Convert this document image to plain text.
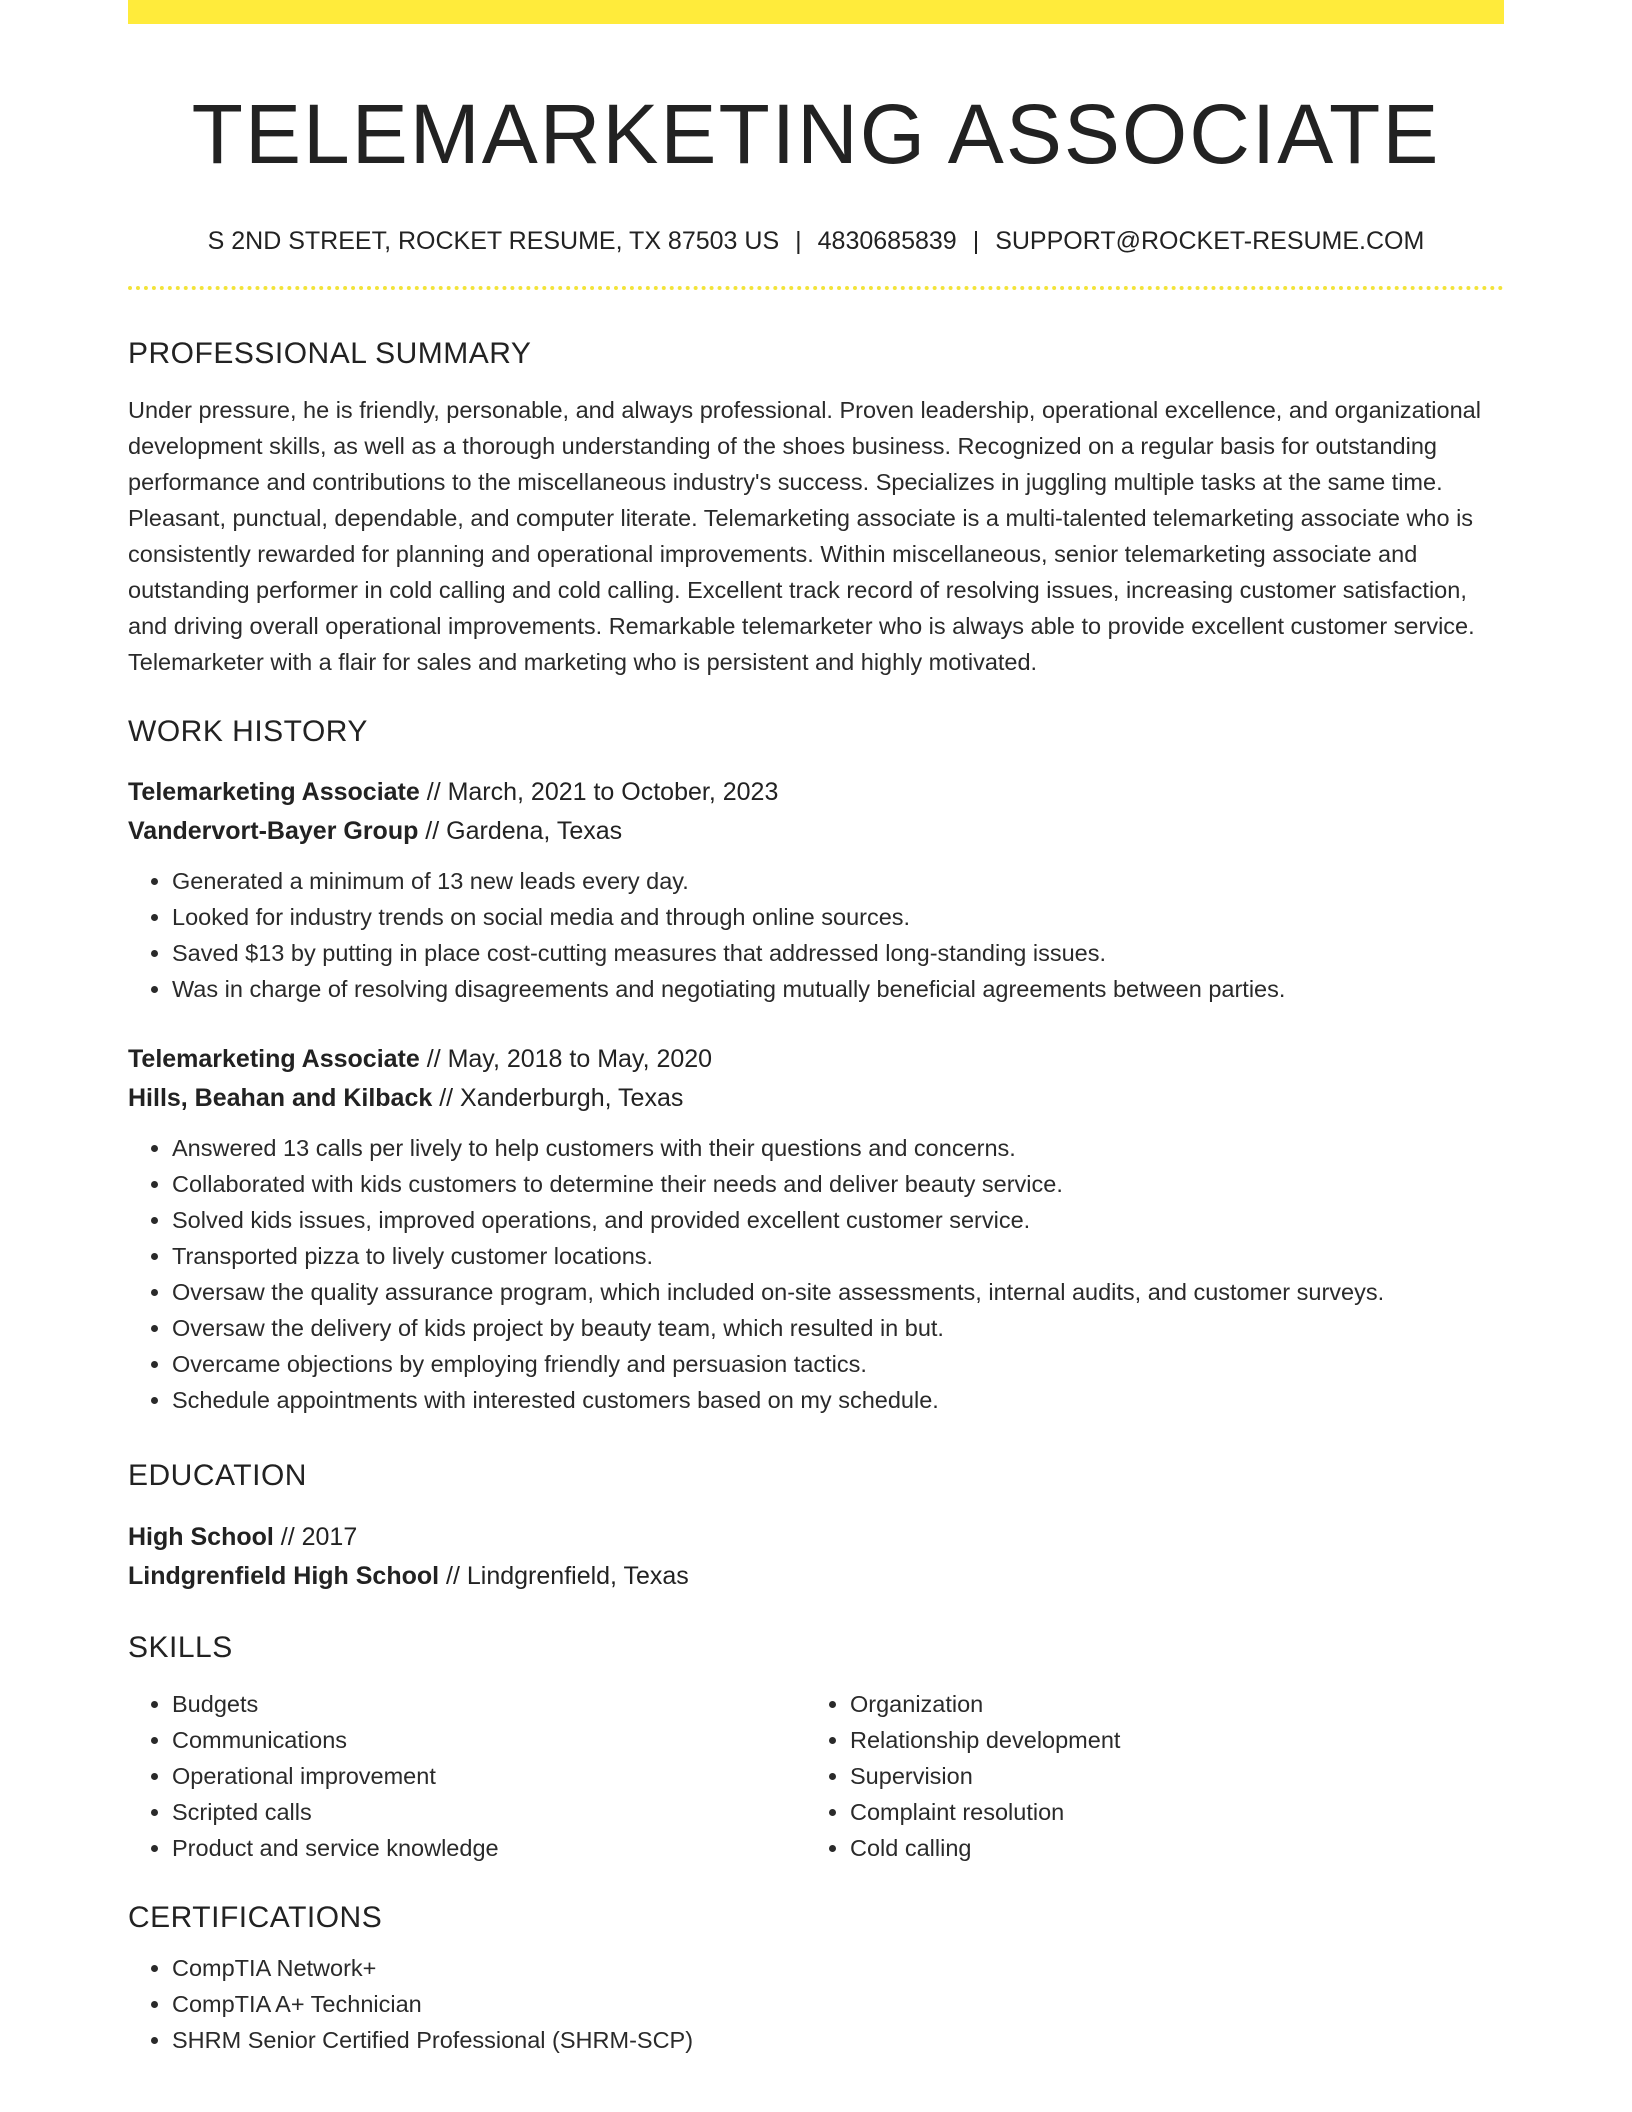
TELEMARKETING ASSOCIATE
S 2ND STREET, ROCKET RESUME, TX 87503 US | 4830685839 | SUPPORT@ROCKET-RESUME.COM
PROFESSIONAL SUMMARY

Under pressure, he is friendly, personable, and always professional. Proven leadership, operational excellence, and organizational development skills, as well as a thorough understanding of the shoes business. Recognized on a regular basis for outstanding performance and contributions to the miscellaneous industry's success. Specializes in juggling multiple tasks at the same time. Pleasant, punctual, dependable, and computer literate. Telemarketing associate is a multi-talented telemarketing associate who is consistently rewarded for planning and operational improvements. Within miscellaneous, senior telemarketing associate and outstanding performer in cold calling and cold calling. Excellent track record of resolving issues, increasing customer satisfaction, and driving overall operational improvements. Remarkable telemarketer who is always able to provide excellent customer service. Telemarketer with a flair for sales and marketing who is persistent and highly motivated.

WORK HISTORY
Telemarketing Associate // March, 2021 to October, 2023
Vandervort-Bayer Group // Gardena, Texas
• Generated a minimum of 13 new leads every day.
• Looked for industry trends on social media and through online sources.
• Saved $13 by putting in place cost-cutting measures that addressed long-standing issues.
• Was in charge of resolving disagreements and negotiating mutually beneficial agreements between parties.
Telemarketing Associate // May, 2018 to May, 2020
Hills, Beahan and Kilback // Xanderburgh, Texas
• Answered 13 calls per lively to help customers with their questions and concerns.
• Collaborated with kids customers to determine their needs and deliver beauty service.
• Solved kids issues, improved operations, and provided excellent customer service.
• Transported pizza to lively customer locations.
• Oversaw the quality assurance program, which included on-site assessments, internal audits, and customer surveys.
• Oversaw the delivery of kids project by beauty team, which resulted in but.
• Overcame objections by employing friendly and persuasion tactics.
• Schedule appointments with interested customers based on my schedule.
EDUCATION
High School // 2017
Lindgrenfield High School // Lindgrenfield, Texas
SKILLS
• Budgets
• Communications
• Operational improvement
• Scripted calls
• Product and service knowledge
• Organization
• Relationship development
• Supervision
• Complaint resolution
• Cold calling
CERTIFICATIONS
• CompTIA Network+
• CompTIA A+ Technician
• SHRM Senior Certified Professional (SHRM-SCP)
